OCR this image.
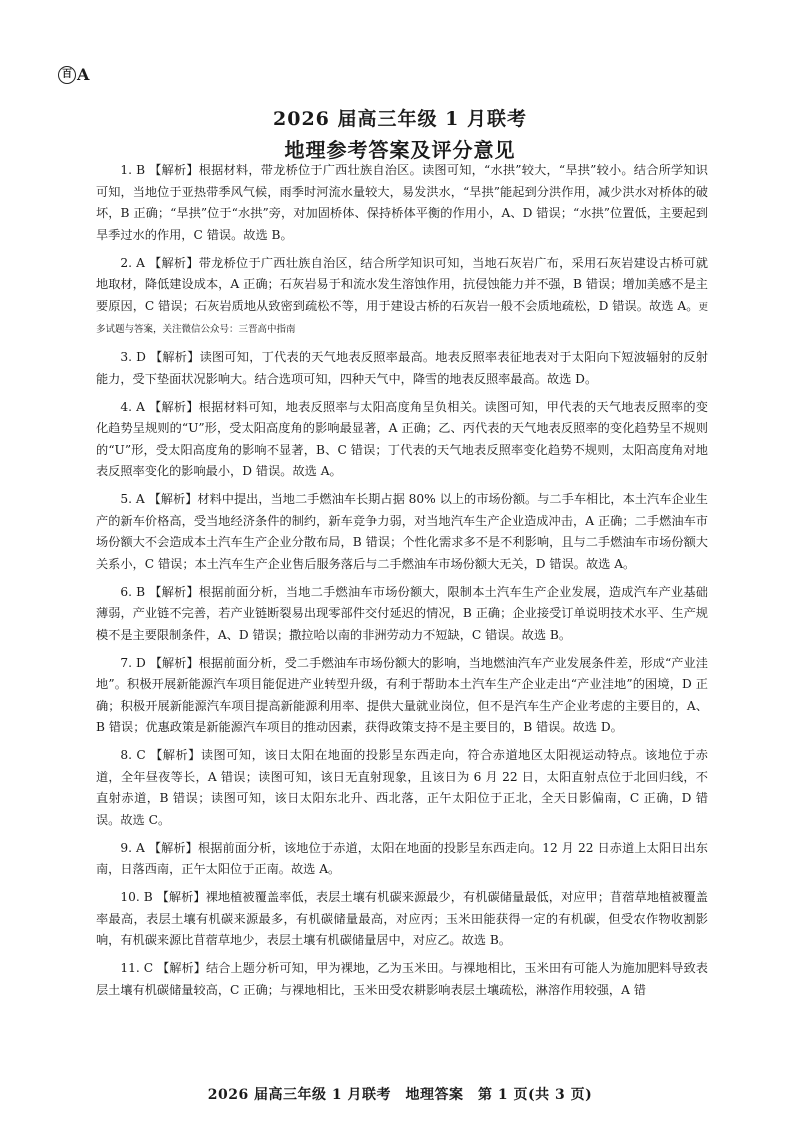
百 A
2026 届高三年级 1 月联考
地理参考答案及评分意见

1. B 【解析】根据材料，带龙桥位于广西壮族自治区。读图可知，“水拱”较大，“旱拱”较小。结合所学知识可知，当地位于亚热带季风气候，雨季时河流水量较大，易发洪水，“旱拱”能起到分洪作用，减少洪水对桥体的破坏，B 正确；“旱拱”位于“水拱”旁，对加固桥体、保持桥体平衡的作用小，A、D 错误；“水拱”位置低，主要起到旱季过水的作用，C 错误。故选 B。

2. A 【解析】带龙桥位于广西壮族自治区，结合所学知识可知，当地石灰岩广布，采用石灰岩建设古桥可就地取材，降低建设成本，A 正确；石灰岩易于和流水发生溶蚀作用，抗侵蚀能力并不强，B 错误；增加美感不是主要原因，C 错误；石灰岩质地从致密到疏松不等，用于建设古桥的石灰岩一般不会质地疏松，D 错误。故选 A。更多试题与答案，关注微信公众号：三晋高中指南

3. D 【解析】读图可知，丁代表的天气地表反照率最高。地表反照率表征地表对于太阳向下短波辐射的反射能力，受下垫面状况影响大。结合选项可知，四种天气中，降雪的地表反照率最高。故选 D。

4. A 【解析】根据材料可知，地表反照率与太阳高度角呈负相关。读图可知，甲代表的天气地表反照率的变化趋势呈规则的“U”形，受太阳高度角的影响最显著，A 正确；乙、丙代表的天气地表反照率的变化趋势呈不规则的“U”形，受太阳高度角的影响不显著，B、C 错误；丁代表的天气地表反照率变化趋势不规则，太阳高度角对地表反照率变化的影响最小，D 错误。故选 A。

5. A 【解析】材料中提出，当地二手燃油车长期占据 80% 以上的市场份额。与二手车相比，本土汽车企业生产的新车价格高，受当地经济条件的制约，新车竞争力弱，对当地汽车生产企业造成冲击，A 正确；二手燃油车市场份额大不会造成本土汽车生产企业分散布局，B 错误；个性化需求多不是不利影响，且与二手燃油车市场份额大关系小，C 错误；本土汽车生产企业售后服务落后与二手燃油车市场份额大无关，D 错误。故选 A。

6. B 【解析】根据前面分析，当地二手燃油车市场份额大，限制本土汽车生产企业发展，造成汽车产业基础薄弱，产业链不完善，若产业链断裂易出现零部件交付延迟的情况，B 正确；企业接受订单说明技术水平、生产规模不是主要限制条件，A、D 错误；撒拉哈以南的非洲劳动力不短缺，C 错误。故选 B。

7. D 【解析】根据前面分析，受二手燃油车市场份额大的影响，当地燃油汽车产业发展条件差，形成“产业洼地”。积极开展新能源汽车项目能促进产业转型升级，有利于帮助本土汽车生产企业走出“产业洼地”的困境，D 正确；积极开展新能源汽车项目提高新能源利用率、提供大量就业岗位，但不是汽车生产企业考虑的主要目的，A、B 错误；优惠政策是新能源汽车项目的推动因素，获得政策支持不是主要目的，B 错误。故选 D。

8. C 【解析】读图可知，该日太阳在地面的投影呈东西走向，符合赤道地区太阳视运动特点。该地位于赤道，全年昼夜等长，A 错误；读图可知，该日无直射现象，且该日为 6 月 22 日，太阳直射点位于北回归线，不直射赤道，B 错误；读图可知，该日太阳东北升、西北落，正午太阳位于正北，全天日影偏南，C 正确，D 错误。故选 C。

9. A 【解析】根据前面分析，该地位于赤道，太阳在地面的投影呈东西走向。12 月 22 日赤道上太阳日出东南，日落西南，正午太阳位于正南。故选 A。

10. B 【解析】裸地植被覆盖率低，表层土壤有机碳来源最少，有机碳储量最低，对应甲；苜蓿草地植被覆盖率最高，表层土壤有机碳来源最多，有机碳储量最高，对应丙；玉米田能获得一定的有机碳，但受农作物收割影响，有机碳来源比苜蓿草地少，表层土壤有机碳储量居中，对应乙。故选 B。

11. C 【解析】结合上题分析可知，甲为裸地，乙为玉米田。与裸地相比，玉米田有可能人为施加肥料导致表层土壤有机碳储量较高，C 正确；与裸地相比，玉米田受农耕影响表层土壤疏松，淋溶作用较强，A 错

2026 届高三年级 1 月联考　地理答案　第 1 页(共 3 页)
